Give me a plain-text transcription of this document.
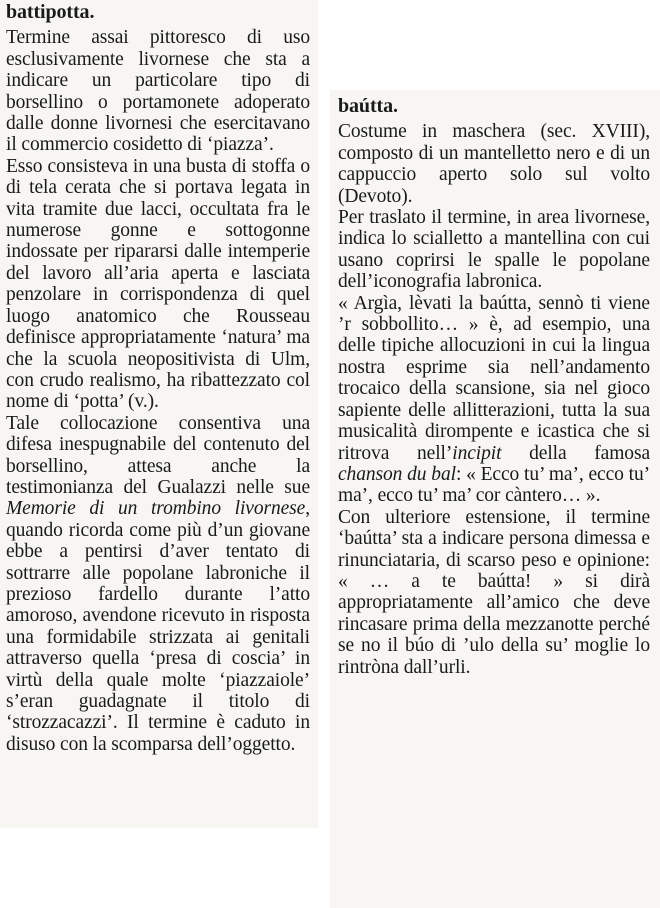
battipotta.

Termine assai pittoresco di uso esclusivamente livornese che sta a indicare un particolare tipo di borsellino o portamonete adoperato dalle donne livornesi che esercitavano il commercio cosidetto di ‘piazza’.

Esso consisteva in una busta di stoffa o di tela cerata che si portava legata in vita tramite due lacci, occultata fra le numerose gonne e sottogonne indossate per ripararsi dalle intemperie del lavoro all’aria aperta e lasciata penzolare in corrispondenza di quel luogo anatomico che Rousseau definisce appropriatamente ‘natura’ ma che la scuola neopositivista di Ulm, con crudo realismo, ha ribattezzato col nome di ‘potta’ (v.).

Tale collocazione consentiva una difesa inespugnabile del contenuto del borsellino, attesa anche la testimonianza del Gualazzi nelle sue Memorie di un trombino livornese, quando ricorda come più d’un giovane ebbe a pentirsi d’aver tentato di sottrarre alle popolane labroniche il prezioso fardello durante l’atto amoroso, avendone ricevuto in risposta una formidabile strizzata ai genitali attraverso quella ‘presa di coscia’ in virtù della quale molte ‘piazzaiole’ s’eran guadagnate il titolo di ‘strozzacazzi’. Il termine è caduto in disuso con la scomparsa dell’oggetto.

baútta.

Costume in maschera (sec. XVIII), composto di un mantelletto nero e di un cappuccio aperto solo sul volto (Devoto).

Per traslato il termine, in area livornese, indica lo scialletto a mantellina con cui usano coprirsi le spalle le popolane dell’iconografia labronica.

« Argìa, lèvati la baútta, sennò ti viene ’r sobbollito… » è, ad esempio, una delle tipiche allocuzioni in cui la lingua nostra esprime sia nell’andamento trocaico della scansione, sia nel gioco sapiente delle allitterazioni, tutta la sua musicalità dirompente e icastica che si ritrova nell’incipit della famosa chanson du bal: « Ecco tu’ ma’, ecco tu’ ma’, ecco tu’ ma’ cor càntero… ».

Con ulteriore estensione, il termine ‘baútta’ sta a indicare persona dimessa e rinunciataria, di scarso peso e opinione: « … a te baútta! » si dirà appropriatamente all’amico che deve rincasare prima della mezzanotte perché se no il búo di ’ulo della su’ moglie lo rintròna dall’urli.
